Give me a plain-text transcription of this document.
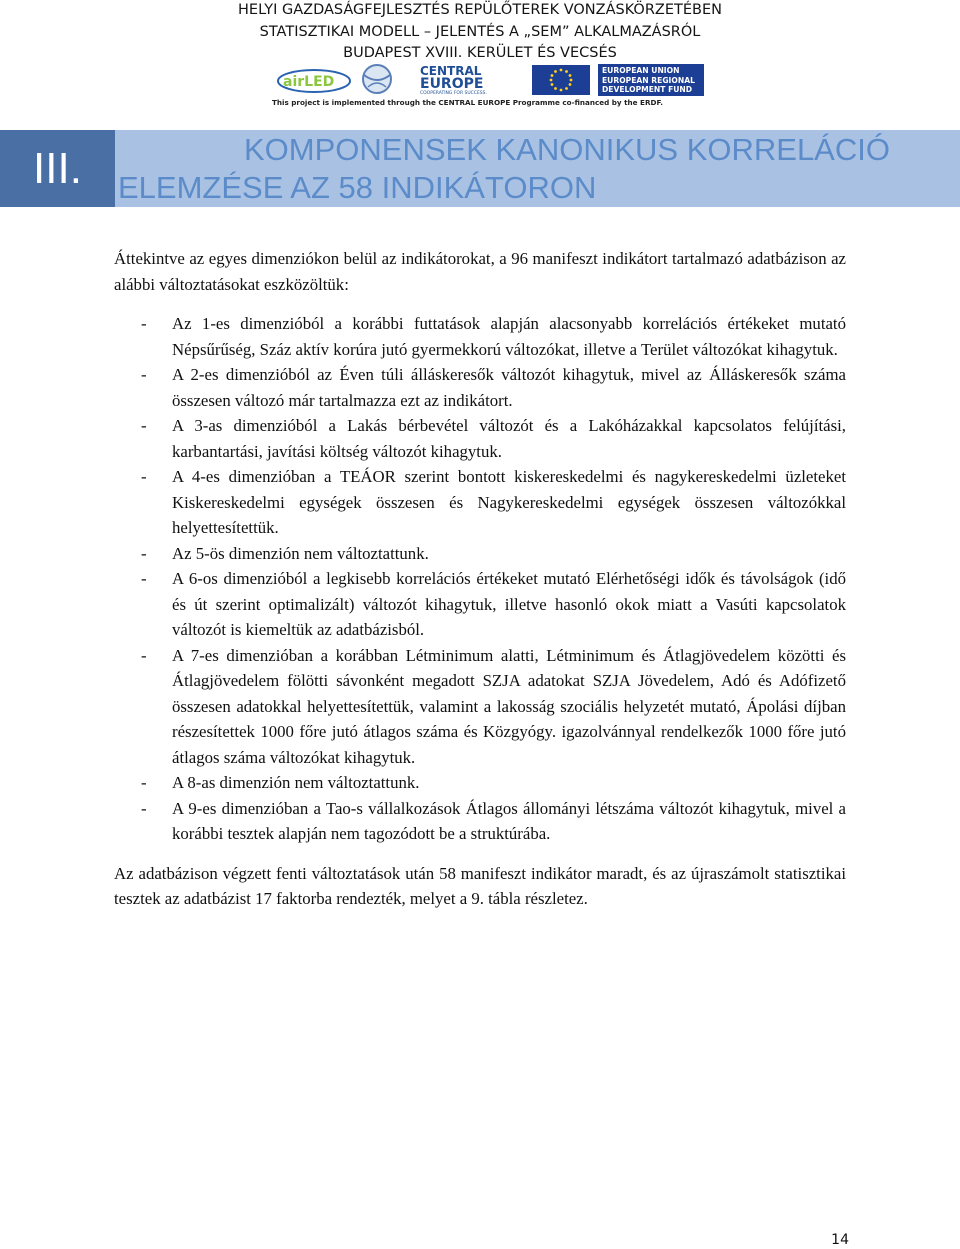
HELYI GAZDASÁGFEJLESZTÉS REPÜLŐTEREK VONZÁSKÖRZETÉBEN
STATISZTIKAI MODELL – JELENTÉS A „SEM” ALKALMAZÁSRÓL
BUDAPEST XVIII. KERÜLET ÉS VECSÉS
airLED
CENTRAL
EUROPE
COOPERATING FOR SUCCESS.
EUROPEAN UNION
EUROPEAN REGIONAL
DEVELOPMENT FUND
This project is implemented through the CENTRAL EUROPE Programme co-financed by the ERDF.
III.	KOMPONENSEK KANONIKUS KORRELÁCIÓ
ELEMZÉSE AZ 58 INDIKÁTORON

Áttekintve az egyes dimenziókon belül az indikátorokat, a 96 manifeszt indikátort tartalmazó adatbázison az alábbi változtatásokat eszközöltük:

- Az 1-es dimenzióból a korábbi futtatások alapján alacsonyabb korrelációs értékeket mutató Népsűrűség, Száz aktív korúra jutó gyermekkorú változókat, illetve a Terület változókat kihagytuk.
- A 2-es dimenzióból az Éven túli álláskeresők változót kihagytuk, mivel az Álláskeresők száma összesen változó már tartalmazza ezt az indikátort.
- A 3-as dimenzióból a Lakás bérbevétel változót és a Lakóházakkal kapcsolatos felújítási, karbantartási, javítási költség változót kihagytuk.
- A 4-es dimenzióban a TEÁOR szerint bontott kiskereskedelmi és nagykereskedelmi üzleteket Kiskereskedelmi egységek összesen és Nagykereskedelmi egységek összesen változókkal helyettesítettük.
- Az 5-ös dimenzión nem változtattunk.
- A 6-os dimenzióból a legkisebb korrelációs értékeket mutató Elérhetőségi idők és távolságok (idő és út szerint optimalizált) változót kihagytuk, illetve hasonló okok miatt a Vasúti kapcsolatok változót is kiemeltük az adatbázisból.
- A 7-es dimenzióban a korábban Létminimum alatti, Létminimum és Átlagjövedelem közötti és Átlagjövedelem fölötti sávonként megadott SZJA adatokat SZJA Jövedelem, Adó és Adófizető összesen adatokkal helyettesítettük, valamint a lakosság szociális helyzetét mutató, Ápolási díjban részesítettek 1000 főre jutó átlagos száma és Közgyógy. igazolvánnyal rendelkezők 1000 főre jutó átlagos száma változókat kihagytuk.
- A 8-as dimenzión nem változtattunk.
- A 9-es dimenzióban a Tao-s vállalkozások Átlagos állományi létszáma változót kihagytuk, mivel a korábbi tesztek alapján nem tagozódott be a struktúrába.

Az adatbázison végzett fenti változtatások után 58 manifeszt indikátor maradt, és az újraszámolt statisztikai tesztek az adatbázist 17 faktorba rendezték, melyet a 9. tábla részletez.

14
